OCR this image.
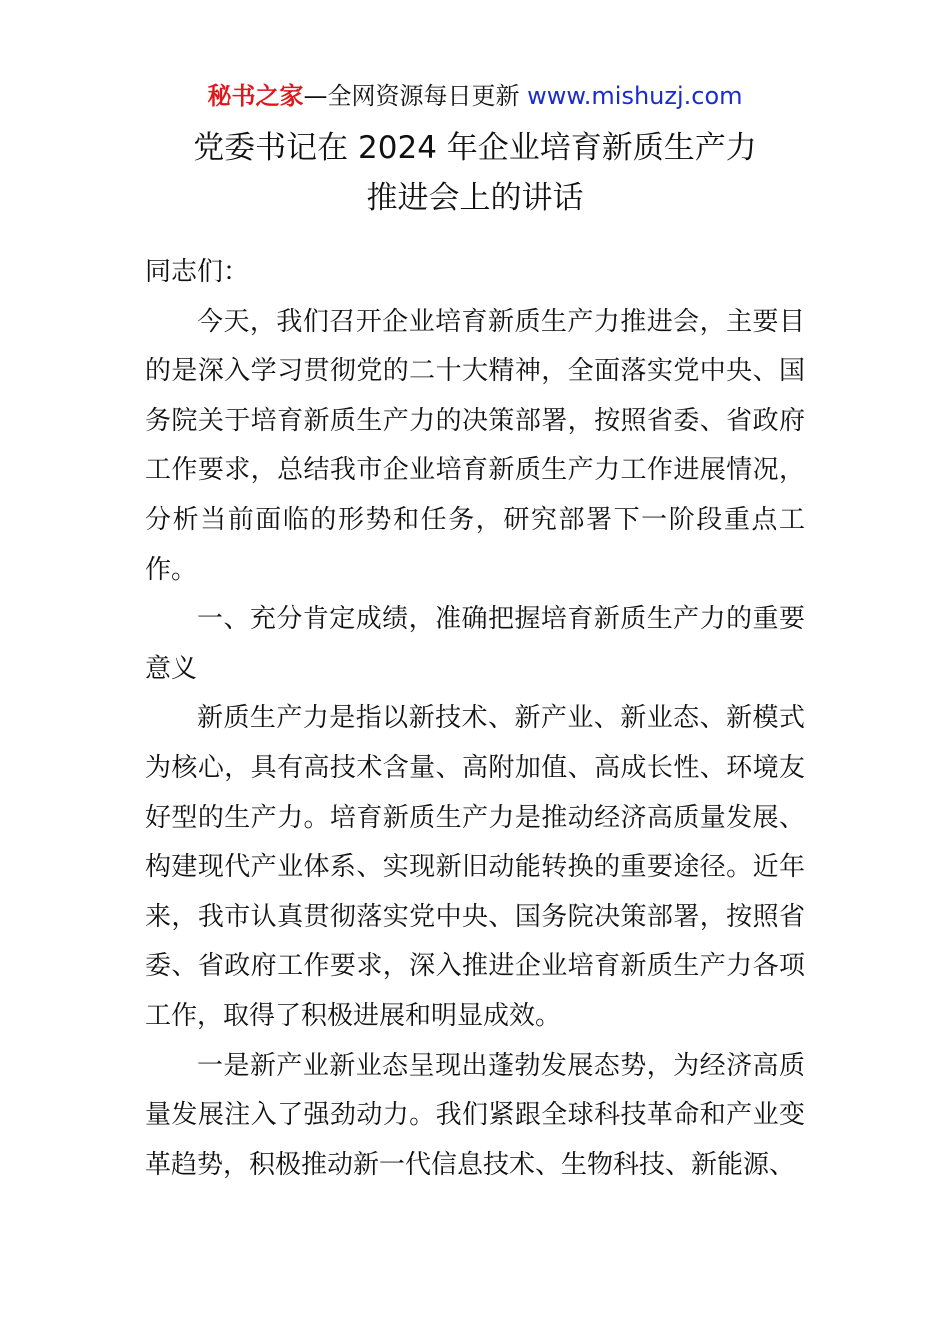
秘书之家—全网资源每日更新 www.mishuzj.com
党委书记在 2024 年企业培育新质生产力
推进会上的讲话

同志们：

今天，我们召开企业培育新质生产力推进会，主要目的是深入学习贯彻党的二十大精神，全面落实党中央、国务院关于培育新质生产力的决策部署，按照省委、省政府工作要求，总结我市企业培育新质生产力工作进展情况，分析当前面临的形势和任务，研究部署下一阶段重点工作。

一、充分肯定成绩，准确把握培育新质生产力的重要意义

新质生产力是指以新技术、新产业、新业态、新模式为核心，具有高技术含量、高附加值、高成长性、环境友好型的生产力。培育新质生产力是推动经济高质量发展、构建现代产业体系、实现新旧动能转换的重要途径。近年来，我市认真贯彻落实党中央、国务院决策部署，按照省委、省政府工作要求，深入推进企业培育新质生产力各项工作，取得了积极进展和明显成效。

一是新产业新业态呈现出蓬勃发展态势，为经济高质量发展注入了强劲动力。我们紧跟全球科技革命和产业变革趋势，积极推动新一代信息技术、生物科技、新能源、
